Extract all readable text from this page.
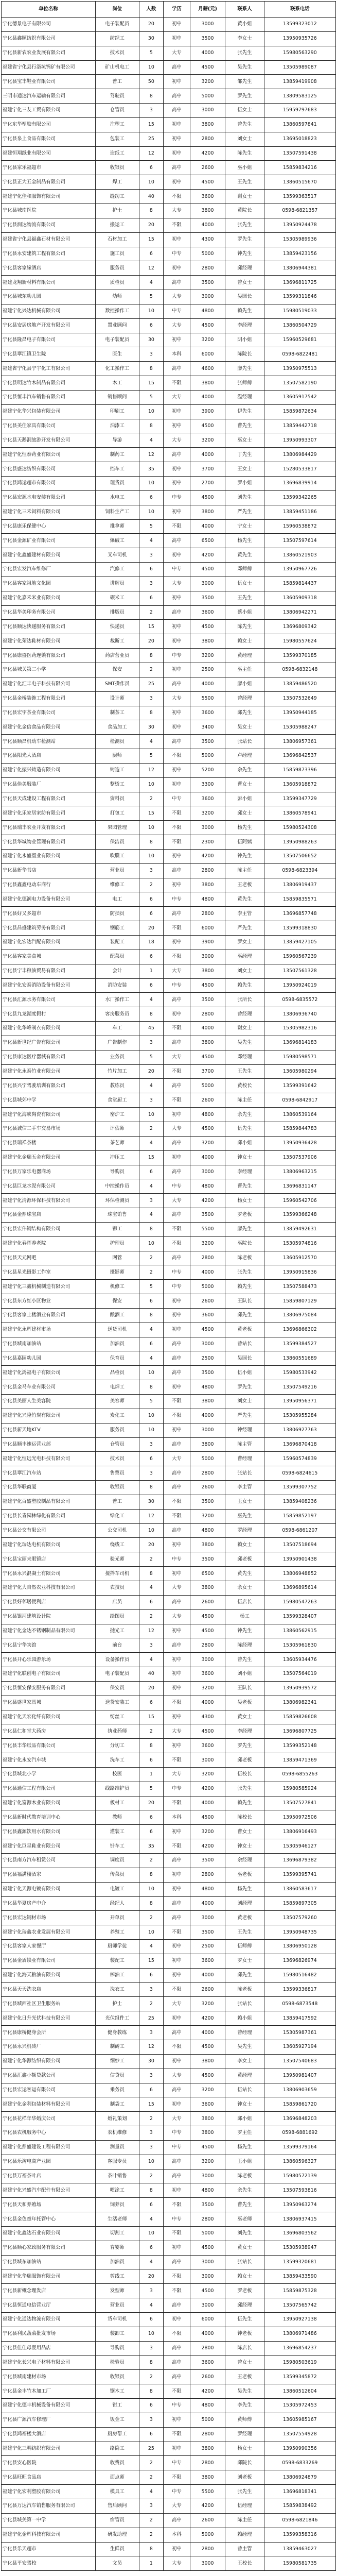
单位名称	岗位	人数	学历	月薪(元)	联系人	联系电话
宁化德景电子有限公司	电子装配员	20	初中	3000	黄小姐	13599323012
宁化县鑫顺纺织有限公司	纺织工	30	初中	3500	李女士	13950935726
宁化县新农农业发展有限公司	技术员	5	大专	4000	张先生	15980563290
福建省宁化县行洛坑钨矿有限公司	矿山机电工	10	高中	4500	吴先生	13505989087
宁化县宝丰鞋业有限公司	普工	50	初中	3200	邹先生	13859419908
三明市通达汽车运输有限公司	驾驶员	8	高中	5000	罗先生	13809583125
福建宁化三友工贸有限公司	仓管员	3	高中	3000	伍女士	15959797683
宁化东华塑胶有限公司	注塑工	15	初中	3800	曾先生	13860597841
宁化县泉上食品有限公司	包装工	25	初中	2800	刘女士	13695018823
福建恒翔纸业有限公司	造纸工	12	初中	4200	陈先生	13507591438
宁化县家乐福超市	收银员	6	高中	2600	巫小姐	15859834216
宁化县正大五金制品有限公司	焊工	10	初中	4500	王先生	13860515670
福建宁化佳和服饰有限公司	缝纫工	40	不限	3600	谢女士	13599363517
宁化县城南医院	护士	8	大专	3800	黄院长	0598-6821357
宁化县润达物流有限公司	搬运工	20	不限	4000	张先生	13950924478
福建省宁化县福鑫石材有限公司	石材加工	15	初中	4300	罗先生	15305989936
宁化县永安建筑工程有限公司	施工员	6	中专	5000	钟先生	13859423156
宁化县客家缘酒店	服务员	12	初中	2800	邱经理	13806944381
福建龙翔新材料有限公司	质检员	4	高中	3500	曾女士	13696811725
宁化县城东幼儿园	幼师	5	大专	3000	吴园长	13599311846
福建宁化兴达机械有限公司	数控操作工	10	中专	4800	赖先生	15980519033
宁化县安居房地产开发有限公司	置业顾问	6	大专	4500	李经理	13860504729
宁化县隆昌电子有限公司	电子装配员	30	初中	3200	阴小姐	15960529681
宁化县翠江镇卫生院	医生	3	本科	6000	陈院长	0598-6822481
福建省宁化县宁宇化工有限公司	化工操作工	8	高中	4600	廖先生	13950975513
宁化县明达竹木制品有限公司	木工	15	不限	3800	张师傅	13507582190
宁化县恒丰汽车销售有限公司	销售顾问	5	大专	4000	温经理	13605917542
福建宁化华兴包装有限公司	印刷工	10	初中	3900	伊先生	15859872634
宁化县美佳家具有限公司	油漆工	8	初中	4500	曹先生	13859442718
宁化县天鹅洞旅游开发有限公司	导游	4	大专	3200	巫女士	13950993307
福建宁化恒泰药业有限公司	制药工	12	高中	4000	丁先生	13806984429
宁化县盛达纺织有限公司	挡车工	35	初中	3700	王女士	15280533817
宁化县鸿运超市有限公司	理货员	10	初中	2700	罗小姐	13696839914
宁化县宏源水电安装有限公司	水电工	6	中专	4500	刘先生	13599342265
福建宁化三禾饲料有限公司	饲料生产工	10	初中	3800	严先生	13859451186
宁化县康乐保健中心	推拿师	5	不限	4000	宁女士	15960538872
宁化县金源矿业有限公司	爆破工	4	高中	6500	杨先生	13507597614
福建宁化鑫盛建材有限公司	叉车司机	3	初中	4200	黄先生	13860521903
宁化县宏发汽车维修厂	汽修工	6	中专	4500	邓师傅	13950967726
宁化县客家祖地文化园	讲解员	3	大专	3000	伍女士	15859814437
福建宁化嘉禾米业有限公司	碾米工	6	初中	3500	王先生	13605909318
宁化县华美印务有限公司	排版员	2	高中	3600	蔡小姐	13806942271
宁化县顺达快递服务有限公司	快递员	15	初中	4500	陈先生	13696809342
福建宁化荣达鞋材有限公司	裁断工	20	初中	3800	赖女士	15980557624
宁化县康盛医药连锁有限公司	药店营业员	8	中专	3200	黄经理	13599370185
宁化县城关第二小学	保安	2	初中	2500	巫主任	0598-6832148
福建宁化汇丰电子科技有限公司	SMT操作员	25	高中	4000	廖小姐	13859486520
宁化县金桥装饰工程有限公司	设计师	3	大专	5500	曾经理	13507532649
宁化县宏宇茶业有限公司	制茶工	8	初中	3600	邱先生	13950944185
福建宁化金信食品有限公司	食品加工	30	初中	3400	吴女士	15305988247
宁化县顺昌机动车检测站	检测员	4	高中	3500	张站长	13806957361
宁化县阳光大酒店	厨师	5	不限	5000	卢经理	13696842537
福建宁化振兴铸造有限公司	铸造工	12	初中	5200	余先生	15859873396
宁化县佳美服装厂	整烫工	10	初中	3300	曹女士	13605918872
宁化县天成建设工程有限公司	资料员	2	中专	3600	彭小姐	13599347729
福建宁化乐家居家纺有限公司	打包工	15	不限	3200	邱女士	13860578941
宁化县瑞丰农业开发有限公司	果园管理	10	不限	3000	杨先生	15980524308
宁化县华城物业管理有限公司	保洁员	8	不限	2300	伍阿姨	13950988263
福建宁化永盛塑业有限公司	吹膜工	10	初中	4200	钟先生	13507506652
宁化县新华书店	营业员	3	高中	2800	陈主任	0598-6823394
宁化县鑫鑫电动车商行	维修工	2	初中	3800	王老板	13806919437
福建宁化德润电力设备有限公司	电工	6	中专	4800	黄先生	15859835571
宁化县好又多超市	防损员	6	高中	2800	李主管	13696857748
宁化县昌盛建筑劳务有限公司	钢筋工	20	不限	6000	严先生	13599318830
福建宁化宏达汽配有限公司	装配工	18	初中	3900	罗女士	13859427105
宁化县客家美食城	配菜员	6	不限	3000	巫经理	15960567239
宁化县宁丰粮油贸易有限公司	会计	1	大专	3800	刘女士	13507561328
福建宁化安泰消防设备有限公司	消防安装	6	中专	4500	赖先生	13950924019
宁化县汇源水务有限公司	水厂操作工	4	高中	3500	张所长	0598-6835572
宁化县九龙湖度假村	客房服务员	8	初中	2800	曾经理	13806936740
福建宁化华峰制衣有限公司	车工	45	不限	4000	谢女士	15305982316
宁化县新世纪广告有限公司	广告制作	3	高中	3800	吴先生	13696814183
宁化县康达医疗器械有限公司	业务员	5	大专	4500	邓经理	15980598571
福建宁化永泰竹业有限公司	竹片加工	20	不限	3700	王先生	13605980294
宁化县兴宁驾驶培训有限公司	教练员	4	高中	5000	黄校长	13599391642
宁化县城郊中学	食堂厨工	3	不限	2600	陈主任	0598-6842917
福建宁化海峡陶瓷有限公司	窑炉工	10	初中	4800	余先生	13860539164
宁化县诚信二手车交易市场	评估师	2	大专	4500	伍先生	15859844783
宁化县瑞祥茶楼	茶艺师	4	高中	3200	邱小姐	13950936428
福建宁化金瑞五金有限公司	冲压工	15	初中	4000	钟女士	13507537906
宁化县万家乐电器商场	导购员	6	高中	3000	李经理	13806963215
宁化县巨龙水泥有限公司	中控操作员	4	中专	4800	曹先生	13696831147
福建宁化清源环保科技有限公司	环保检测员	3	大专	4200	杨女士	15960542706
宁化县金鼎珠宝店	珠宝销售	4	高中	3500	罗老板	13599366248
宁化县宏伟钢结构有限公司	铆工	8	不限	5500	廖先生	13859492631
福建宁化春晖养老院	护理员	10	不限	3200	巫院长	15305974816
宁化县天元网吧	网管	2	高中	2800	陈老板	13605912570
宁化县星光摄影工作室	摄影师	2	中专	4000	张先生	13950915836
福建宁化三鑫机械制造有限公司	机修工	5	中专	5000	赖先生	13507588473
宁化县东方红小区物业	保安	6	初中	2600	王队长	15859807129
宁化县客家土楼酒业有限公司	酿酒工	8	初中	3600	邱先生	13806975084
福建宁化永辉建材市场	送货司机	4	初中	4500	黄老板	13696866302
宁化县城南加油站	加油员	6	高中	3000	曾站长	13599384527
宁化县嘉园幼儿园	保育员	4	高中	2500	吴园长	13860551689
福建宁化鸿福电子有限公司	品检员	10	高中	3500	伍小姐	15980533942
宁化县金马车业有限公司	电焊工	8	初中	4800	罗先生	13507549216
宁化县美丽人生美容院	美容师	5	不限	3800	刘女士	13950956371
福建宁化兴隆竹炭有限公司	炭化工	10	不限	4000	严先生	15305955284
宁化县新天地KTV	服务员	10	初中	3000	钟经理	13806927763
宁化县顺丰速运营业部	仓管员	3	高中	3800	陈主管	13696870418
福建宁化恒远光电科技有限公司	技术员	6	大专	5000	曹经理	15960574839
宁化县翠江汽车站	售票员	3	高中	2800	张站长	0598-6824615
宁化县华联商厦	收银员	8	高中	2600	李主管	13599307752
福建宁化百盛塑胶制品有限公司	普工	30	不限	3500	王女士	13859408236
宁化县长青园林绿化有限公司	绿化工	12	不限	3200	巫先生	15859852197
宁化县公交有限公司	公交司机	10	高中	4800	罗经理	0598-6861207
福建宁化瑞达电机有限公司	绕线工	20	初中	3800	赖女士	13507518694
宁化县宝丽来眼镜店	验光师	2	中专	3500	邱老板	13950901438
宁化县永兴混凝土有限公司	搅拌车司机	8	初中	6500	黄先生	13806948852
福建宁化大自然农业科技有限公司	农技员	4	大专	3800	余女士	13696895614
宁化县好邻居便利店	店员	6	高中	2600	伍店长	15980547263
宁化县银河建筑设计院	绘图员	2	大专	4500	杨工	13599328407
福建宁化金达不锈钢制品有限公司	抛光工	12	初中	4500	钟先生	13860562915
宁化县宁华宾馆	前台	3	高中	2800	陈经理	15305961830
宁化县开心乐园游乐场	设备操作员	4	初中	3000	曾先生	13605934476
福建宁化联创电子有限公司	电子装配员	40	初中	3600	刘小姐	13507564019
宁化县恒安保安服务有限公司	保安员	20	初中	3200	王队长	13950939572
宁化县盛世家具城	送货安装工	6	不限	4000	吴老板	13806982341
福建宁化天宏化纤有限公司	纺丝工	15	初中	4300	黄女士	15859826608
宁化县仁和堂大药房	执业药师	2	大专	4500	李经理	13696807725
宁化县丰华纸品有限公司	分切工	8	初中	3600	罗先生	13599352148
福建宁化永安汽车城	洗车工	6	不限	3000	邱老板	13859471369
宁化县城北小学	校医	1	大专	3200	伍校长	0598-6855263
宁化县通信工程有限公司	线路维护员	5	中专	4200	张先生	15980585924
福建宁化富源木业有限公司	板材工	20	不限	4000	赖先生	13507527841
宁化县新时代教育培训中心	教师	6	本科	4500	陈校长	13950972506
宁化县鑫源饮用水有限公司	灌装工	6	初中	3200	曹女士	13806916493
福建宁化巨星鞋业有限公司	针车工	35	不限	4200	钟女士	15305946127
宁化县南方汽车租赁公司	调度员	2	高中	3500	余经理	13696879382
宁化县福满楼酒家	传菜员	8	初中	2800	巫老板	13599395741
福建宁化天源电镀有限公司	电镀工	10	初中	4800	杨先生	13860583617
宁化县华夏房产中介	经纪人	8	高中	4000	刘经理	15859897305
宁化县宏达钢材市场	开单员	2	高中	3000	黄老板	13507579260
福建宁化瑞鑫农业发展有限公司	养殖工	10	不限	3500	王先生	13950948735
宁化县客家人家餐厅	厨师学徒	4	初中	2500	伍师傅	13806950128
宁化县金盾锁业有限公司	装配工	15	初中	3600	罗女士	13696826974
福建宁化海天粮油有限公司	榨油工	6	初中	4000	邱先生	15980516482
宁化县天天洗衣店	洗衣工	3	不限	2600	陈老板	13599336817
宁化县城西社区卫生服务站	护士	2	大专	3200	张站长	0598-6873548
福建宁化日升光伏科技有限公司	光伏组件工	25	初中	4200	赖小姐	13859417592
宁化县康桥健身会所	健身教练	3	高中	4000	曾经理	15305987361
宁化县永兴机砖厂	制砖工	12	不限	4500	吴先生	13605927194
福建宁化华源纺织有限公司	细纱工	30	初中	3800	李女士	13507540683
宁化县汇鑫小额贷款公司	信贷员	3	大专	4500	黄经理	13950981407
宁化县宏运客运有限公司	乘务员	6	高中	3200	伍站长	13806903659
福建宁化金利包装材料有限公司	制袋工	15	初中	3600	钟女士	15859861720
宁化县花样年华婚庆公司	婚礼策划	2	大专	3800	邱小姐	13696848203
宁化县农机服务中心	农机维修	3	中专	3800	罗主任	0598-6881692
福建宁化鼎盛建设工程有限公司	测量员	3	中专	4500	杨先生	13599379164
宁化县乐淘电商产业园	客服专员	10	高中	3200	王小姐	13860596327
宁化县万福茶叶店	茶叶销售	2	高中	3000	陈老板	15980572139
福建宁化兴盛汽车配件有限公司	喷涂工	8	初中	4800	余先生	13507593816
宁化县天和养殖场	饲养员	6	不限	3500	曹先生	13950963274
宁化县金色童年托管中心	生活老师	4	中专	2800	巫老师	13806937415
福建宁化鑫达石业有限公司	切割工	10	不限	5000	刘先生	13696803562
宁化县顺心家政服务有限公司	育婴师	6	初中	4500	黄女士	15305938947
宁化县城东加油站	加油员	4	高中	3000	张站长	13599320681
福建宁化华瑞服饰有限公司	剪线工	20	不限	3000	赖女士	13859433590
宁化县新概念理发店	发型师	3	不限	4500	罗老板	15859875328
宁化县恒通电信营业厅	营业员	4	高中	3000	邱经理	13507565742
福建宁化通达物流有限公司	货车司机	6	初中	6000	伍先生	13950927138
宁化县利民蔬菜批发市场	装卸工	10	不限	4000	钟老板	13806971486
宁化县佳佳母婴用品店	导购员	3	高中	2800	陈店长	13696854237
福建宁化长兴电子材料有限公司	检验员	8	高中	3600	曾女士	15980503619
宁化县城南建材市场	收银员	2	高中	2600	王老板	13599345872
宁化县金丰竹木加工厂	锯木工	8	不限	4200	吴先生	13860512604
福建宁化德丰机械设备有限公司	钳工	6	中专	4800	李先生	15305972453
宁化县广源汽车修理厂	钣金工	3	初中	5000	黄师傅	13605985167
宁化县鸿福楼大酒店	厨房帮工	6	不限	2800	罗经理	13507554928
福建宁化三明纺织有限公司	络筒工	25	初中	3800	杨女士	13950990356
宁化县安心医院	收费员	2	中专	2800	邱院长	0598-6833269
宁化县旺旺食品店	面点师	2	不限	3800	刘老板	13806924879
福建宁化宏利塑胶有限公司	模具工	4	中专	5500	张先生	13696818341
宁化县万达汽车销售服务有限公司	售后顾问	3	大专	4200	伍经理	15859838492
宁化县城关第一中学	宿管员	2	高中	2600	陈主任	0598-6821846
福建宁化金辉科技有限公司	研发助理	2	本科	5000	赖经理	13599358316
宁化县乐天超市	生鲜员	8	初中	2800	曾主管	13859463027
宁化县平安驾校	文员	1	大专	3000	王校长	15980581735
